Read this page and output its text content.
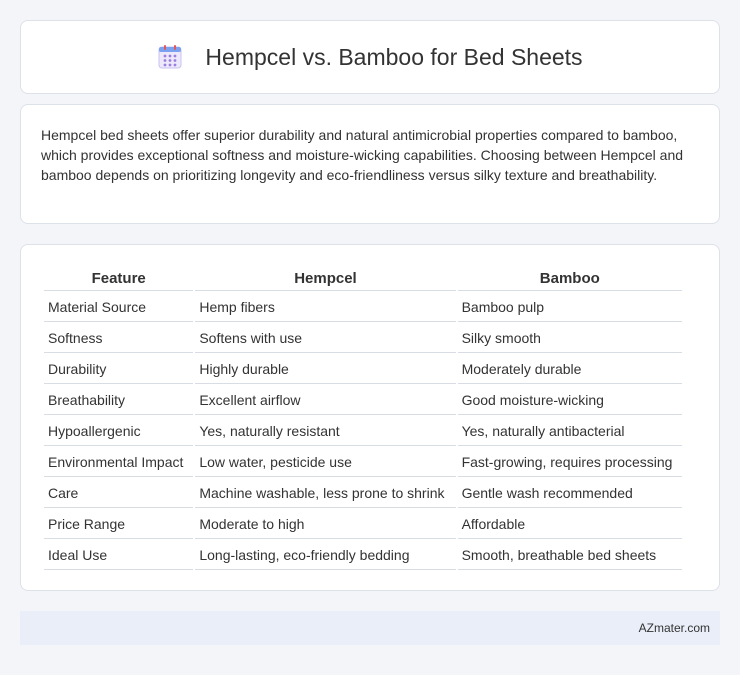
Hempcel vs. Bamboo for Bed Sheets

Hempcel bed sheets offer superior durability and natural antimicrobial properties compared to bamboo, which provides exceptional softness and moisture-wicking capabilities. Choosing between Hempcel and bamboo depends on prioritizing longevity and eco-friendliness versus silky texture and breathability.

Feature	Hempcel	Bamboo
Material Source	Hemp fibers	Bamboo pulp
Softness	Softens with use	Silky smooth
Durability	Highly durable	Moderately durable
Breathability	Excellent airflow	Good moisture-wicking
Hypoallergenic	Yes, naturally resistant	Yes, naturally antibacterial
Environmental Impact	Low water, pesticide use	Fast-growing, requires processing
Care	Machine washable, less prone to shrink	Gentle wash recommended
Price Range	Moderate to high	Affordable
Ideal Use	Long-lasting, eco-friendly bedding	Smooth, breathable bed sheets
AZmater.com
